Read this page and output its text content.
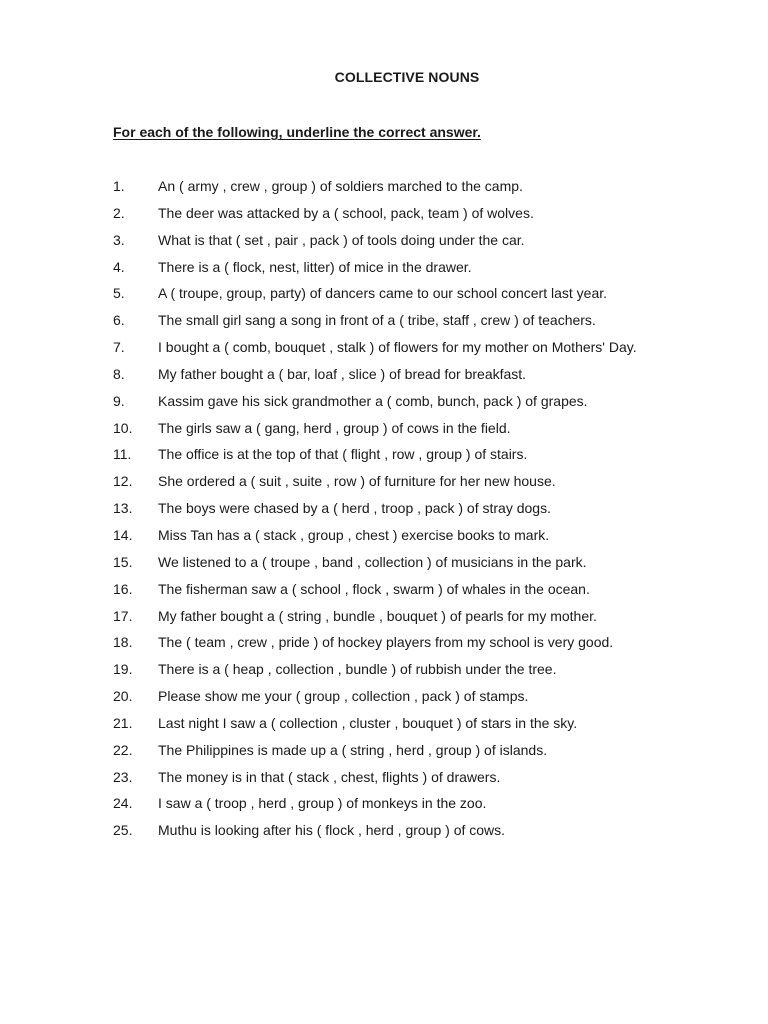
COLLECTIVE NOUNS
For each of the following, underline the correct answer.
1. An ( army , crew , group ) of soldiers marched to the camp.
2. The deer was attacked by a ( school, pack, team ) of wolves.
3. What is that ( set , pair , pack ) of tools doing under the car.
4. There is a ( flock, nest, litter) of mice in the drawer.
5. A ( troupe, group, party) of dancers came to our school concert last year.
6. The small girl sang a song in front of a ( tribe, staff , crew ) of teachers.
7. I bought a ( comb, bouquet , stalk ) of flowers for my mother on Mothers' Day.
8. My father bought a ( bar, loaf , slice ) of bread for breakfast.
9. Kassim gave his sick grandmother a ( comb, bunch, pack ) of grapes.
10. The girls saw a ( gang, herd , group ) of cows in the field.
11. The office is at the top of that ( flight , row , group ) of stairs.
12. She ordered a ( suit , suite , row ) of furniture for her new house.
13. The boys were chased by a ( herd , troop , pack ) of stray dogs.
14. Miss Tan has a ( stack , group , chest ) exercise books to mark.
15. We listened to a ( troupe , band , collection ) of musicians in the park.
16. The fisherman saw a ( school , flock , swarm ) of whales in the ocean.
17. My father bought a ( string , bundle , bouquet ) of pearls for my mother.
18. The ( team , crew , pride ) of hockey players from my school is very good.
19. There is a ( heap , collection , bundle ) of rubbish under the tree.
20. Please show me your ( group , collection , pack ) of stamps.
21. Last night I saw a ( collection , cluster , bouquet ) of stars in the sky.
22. The Philippines is made up a ( string , herd , group ) of islands.
23. The money is in that ( stack , chest, flights ) of drawers.
24. I saw a ( troop , herd , group ) of monkeys in the zoo.
25. Muthu is looking after his ( flock , herd , group ) of cows.
